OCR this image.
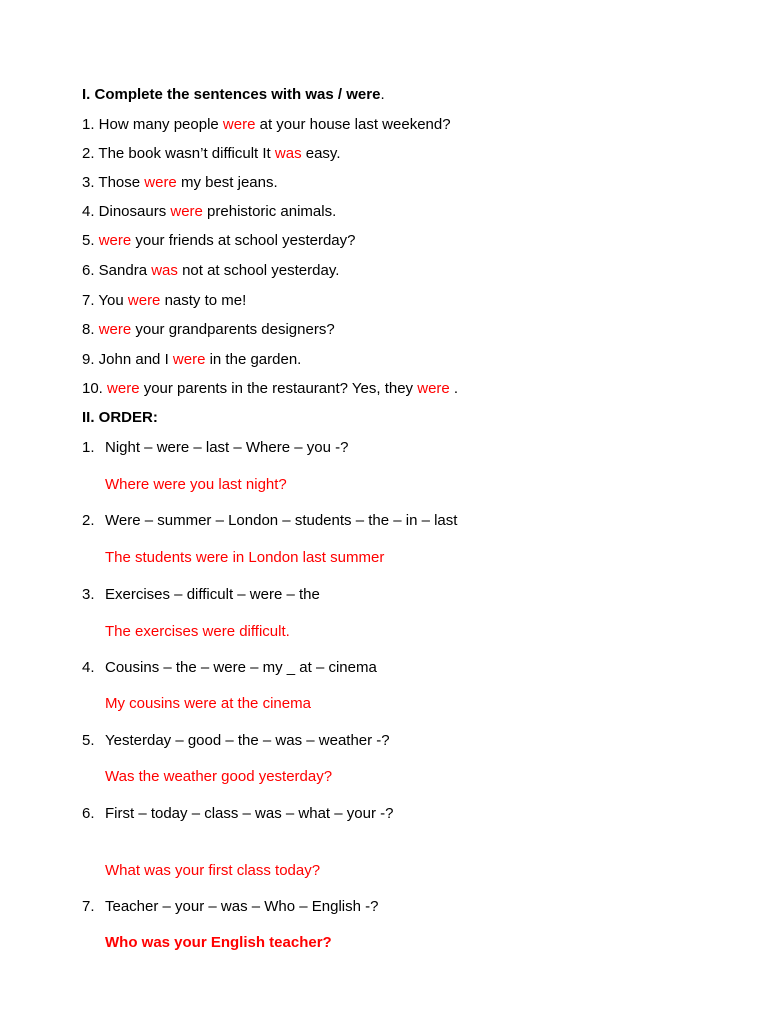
I. Complete the sentences with was / were.
1. How many people were at your house last weekend?
2. The book wasn’t difficult It was easy.
3. Those were my best jeans.
4. Dinosaurs were prehistoric animals.
5. were your friends at school yesterday?
6. Sandra was not at school yesterday.
7. You were nasty to me!
8. were your grandparents designers?
9. John and I were in the garden.
10. were your parents in the restaurant? Yes, they were .
II. ORDER:
1. Night – were – last – Where – you -?
Where were you last night?
2. Were – summer – London – students – the – in – last
The students were in London last summer
3. Exercises – difficult – were – the
The exercises were difficult.
4. Cousins – the – were – my _ at – cinema
My cousins were at the cinema
5. Yesterday – good – the – was – weather -?
Was the weather good yesterday?
6. First – today – class – was – what – your -?
What was your first class today?
7. Teacher – your – was – Who – English -?
Who was your English teacher?
